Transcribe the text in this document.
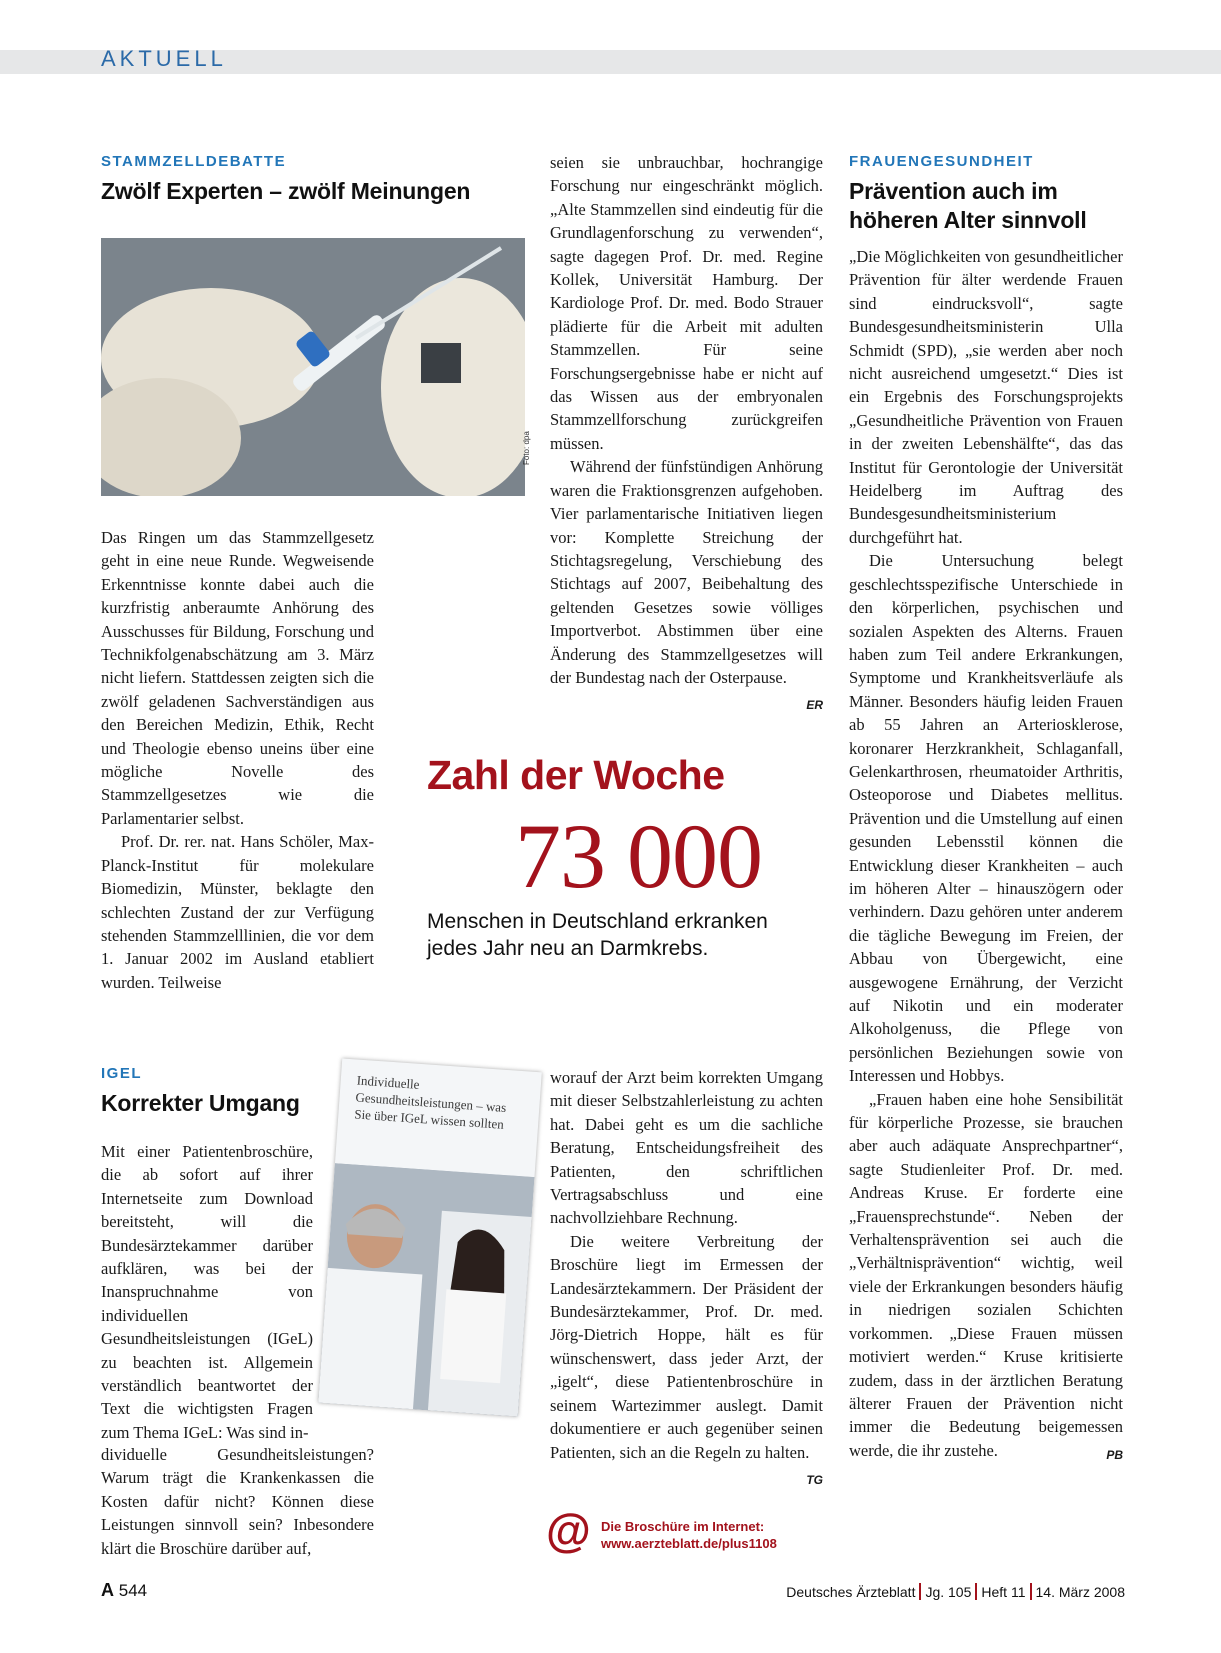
AKTUELL
STAMMZELLDEBATTE
Zwölf Experten – zwölf Meinungen
Foto: dpa

Das Ringen um das Stammzellgesetz geht in eine neue Runde. Wegweisende Erkenntnisse konnte dabei auch die kurzfristig anberaumte Anhörung des Ausschusses für Bildung, Forschung und Technikfolgenabschätzung am 3. März nicht liefern. Stattdessen zeigten sich die zwölf geladenen Sachverständigen aus den Bereichen Medizin, Ethik, Recht und Theologie ebenso uneins über eine mögliche Novelle des Stammzellgesetzes wie die Parlamentarier selbst.

Prof. Dr. rer. nat. Hans Schöler, Max-Planck-Institut für molekulare Biomedizin, Münster, beklagte den schlechten Zustand der zur Verfügung stehenden Stammzelllinien, die vor dem 1. Januar 2002 im Ausland etabliert wurden. Teilweise

seien sie unbrauchbar, hochrangige Forschung nur eingeschränkt möglich. „Alte Stammzellen sind eindeutig für die Grundlagenforschung zu verwenden“, sagte dagegen Prof. Dr. med. Regine Kollek, Universität Hamburg. Der Kardiologe Prof. Dr. med. Bodo Strauer plädierte für die Arbeit mit adulten Stammzellen. Für seine Forschungsergebnisse habe er nicht auf das Wissen aus der embryonalen Stammzellforschung zurückgreifen müssen.

Während der fünfstündigen Anhörung waren die Fraktionsgrenzen aufgehoben. Vier parlamentarische Initiativen liegen vor: Komplette Streichung der Stichtagsregelung, Verschiebung des Stichtags auf 2007, Beibehaltung des geltenden Gesetzes sowie völliges Importverbot. Abstimmen über eine Änderung des Stammzellgesetzes will der Bundestag nach der Osterpause.
ER

Zahl der Woche
73 000
Menschen in Deutschland erkranken
jedes Jahr neu an Darmkrebs.
IGEL
Korrekter Umgang
Individuelle Gesundheitsleistungen – was Sie über IGeL wissen sollten

Mit einer Patientenbroschüre, die ab sofort auf ihrer Internetseite zum Download bereitsteht, will die Bundesärztekammer darüber aufklären, was bei der Inanspruchnahme von individuellen Gesundheitsleistungen (IGeL) zu beachten ist. Allgemein verständlich beantwortet der Text die wichtigsten Fragen zum Thema IGeL: Was sind in-

dividuelle Gesundheitsleistungen? Warum trägt die Krankenkassen die Kosten dafür nicht? Können diese Leistungen sinnvoll sein? Inbesondere klärt die Broschüre darüber auf,

worauf der Arzt beim korrekten Umgang mit dieser Selbstzahlerleistung zu achten hat. Dabei geht es um die sachliche Beratung, Entscheidungsfreiheit des Patienten, den schriftlichen Vertragsabschluss und eine nachvollziehbare Rechnung.

Die weitere Verbreitung der Broschüre liegt im Ermessen der Landesärztekammern. Der Präsident der Bundesärztekammer, Prof. Dr. med. Jörg-Dietrich Hoppe, hält es für wünschenswert, dass jeder Arzt, der „igelt“, diese Patientenbroschüre in seinem Wartezimmer auslegt. Damit dokumentiere er auch gegenüber seinen Patienten, sich an die Regeln zu halten.
TG

@ Die Broschüre im Internet:
www.aerzteblatt.de/plus1108
FRAUENGESUNDHEIT
Prävention auch im
höheren Alter sinnvoll

„Die Möglichkeiten von gesundheitlicher Prävention für älter werdende Frauen sind eindrucksvoll“, sagte Bundesgesundheitsministerin Ulla Schmidt (SPD), „sie werden aber noch nicht ausreichend umgesetzt.“ Dies ist ein Ergebnis des Forschungsprojekts „Gesundheitliche Prävention von Frauen in der zweiten Lebenshälfte“, das das Institut für Gerontologie der Universität Heidelberg im Auftrag des Bundesgesundheitsministerium durchgeführt hat.

Die Untersuchung belegt geschlechtsspezifische Unterschiede in den körperlichen, psychischen und sozialen Aspekten des Alterns. Frauen haben zum Teil andere Erkrankungen, Symptome und Krankheitsverläufe als Männer. Besonders häufig leiden Frauen ab 55 Jahren an Arteriosklerose, koronarer Herzkrankheit, Schlaganfall, Gelenkarthrosen, rheumatoider Arthritis, Osteoporose und Diabetes mellitus. Prävention und die Umstellung auf einen gesunden Lebensstil können die Entwicklung dieser Krankheiten – auch im höheren Alter – hinauszögern oder verhindern. Dazu gehören unter anderem die tägliche Bewegung im Freien, der Abbau von Übergewicht, eine ausgewogene Ernährung, der Verzicht auf Nikotin und ein moderater Alkoholgenuss, die Pflege von persönlichen Beziehungen sowie von Interessen und Hobbys.

„Frauen haben eine hohe Sensibilität für körperliche Prozesse, sie brauchen aber auch adäquate Ansprechpartner“, sagte Studienleiter Prof. Dr. med. Andreas Kruse. Er forderte eine „Frauensprechstunde“. Neben der Verhaltensprävention sei auch die „Verhältnisprävention“ wichtig, weil viele der Erkrankungen besonders häufig in niedrigen sozialen Schichten vorkommen. „Diese Frauen müssen motiviert werden.“ Kruse kritisierte zudem, dass in der ärztlichen Beratung älterer Frauen der Prävention nicht immer die Bedeutung beigemessen werde, die ihr zustehe.	PB

A 544	Deutsches Ärzteblatt Jg. 105 Heft 11 14. März 2008
